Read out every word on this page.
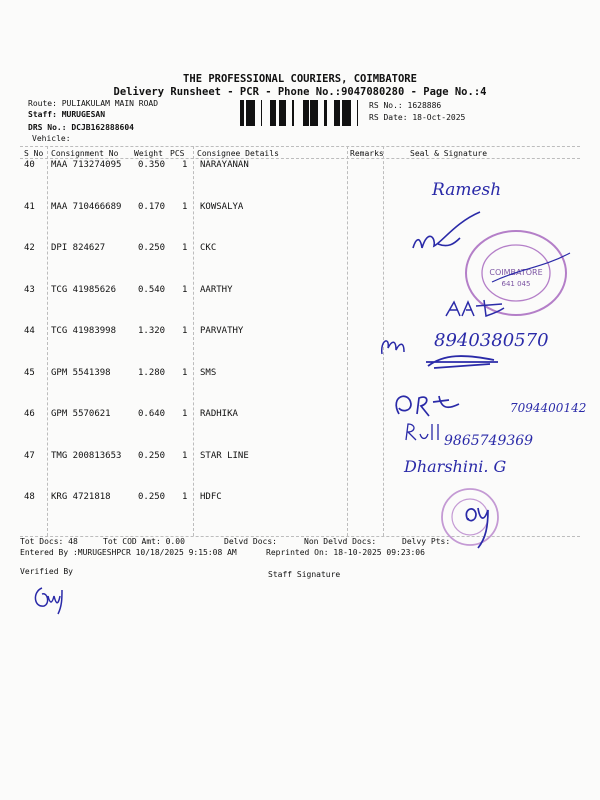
THE PROFESSIONAL COURIERS, COIMBATORE
Delivery Runsheet - PCR - Phone No.:9047080280 - Page No.:4
Route: PULIAKULAM MAIN ROAD
Staff: MURUGESAN
DRS No.: DCJB162888604
Vehicle:
RS No.: 1628886
RS Date: 18-Oct-2025
S No Consignment No Weight PCS Consignee Details	Remarks	Seal & Signature
40 MAA 713274095 0.350 1 NARAYANAN
41 MAA 710466689 0.170 1 KOWSALYA
42 DPI 824627	0.250 1 CKC
43 TCG 41985626 0.540 1 AARTHY
44 TCG 41983998 1.320 1 PARVATHY
45 GPM 5541398	1.280 1 SMS
46 GPM 5570621	0.640 1 RADHIKA
47 TMG 200813653 0.250 1 STAR LINE
48 KRG 4721818	0.250 1 HDFC
Tot Docs: 48	Tot COD Amt: 0.00	Delvd Docs:	Non Delvd Docs:	Delvy Pts:
Entered By :MURUGESHPCR 10/18/2025 9:15:08 AM	Reprinted On: 18-10-2025 09:23:06
Verified By	Staff Signature
COIMBATORE
641 045
Ramesh
8940380570
7094400142
9865749369
Dharshini. G
